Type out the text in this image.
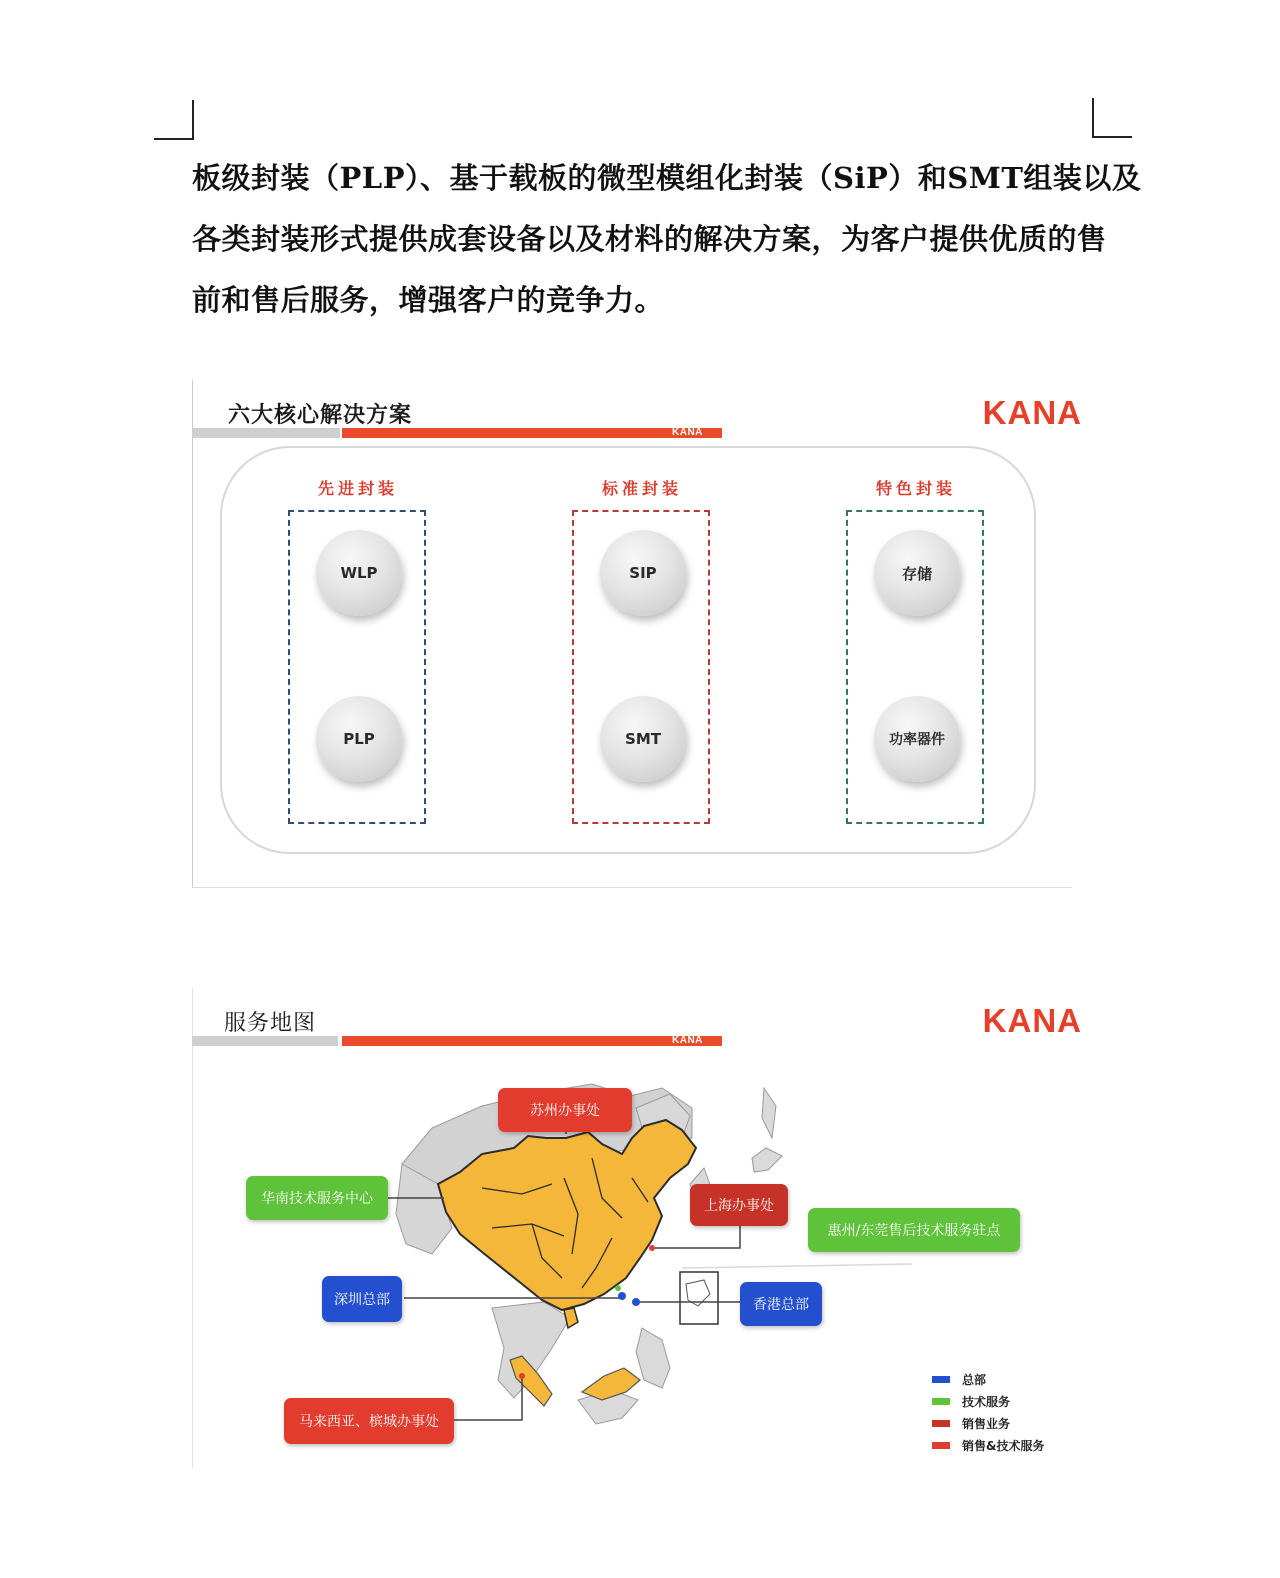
板级封装（PLP）、基于载板的微型模组化封装（SiP）和SMT组装以及
各类封装形式提供成套设备以及材料的解决方案，为客户提供优质的售
前和售后服务，增强客户的竞争力。
六大核心解决方案	KANA
KANA
先进封装
WLP
PLP
标准封装
SIP
SMT
特色封装
存储
功率器件
服务地图	KANA
KANA
苏州办事处
华南技术服务中心	上海办事处
惠州/东莞售后技术服务驻点
深圳总部	香港总部
马来西亚、槟城办事处
总部
技术服务
销售业务
销售&技术服务
